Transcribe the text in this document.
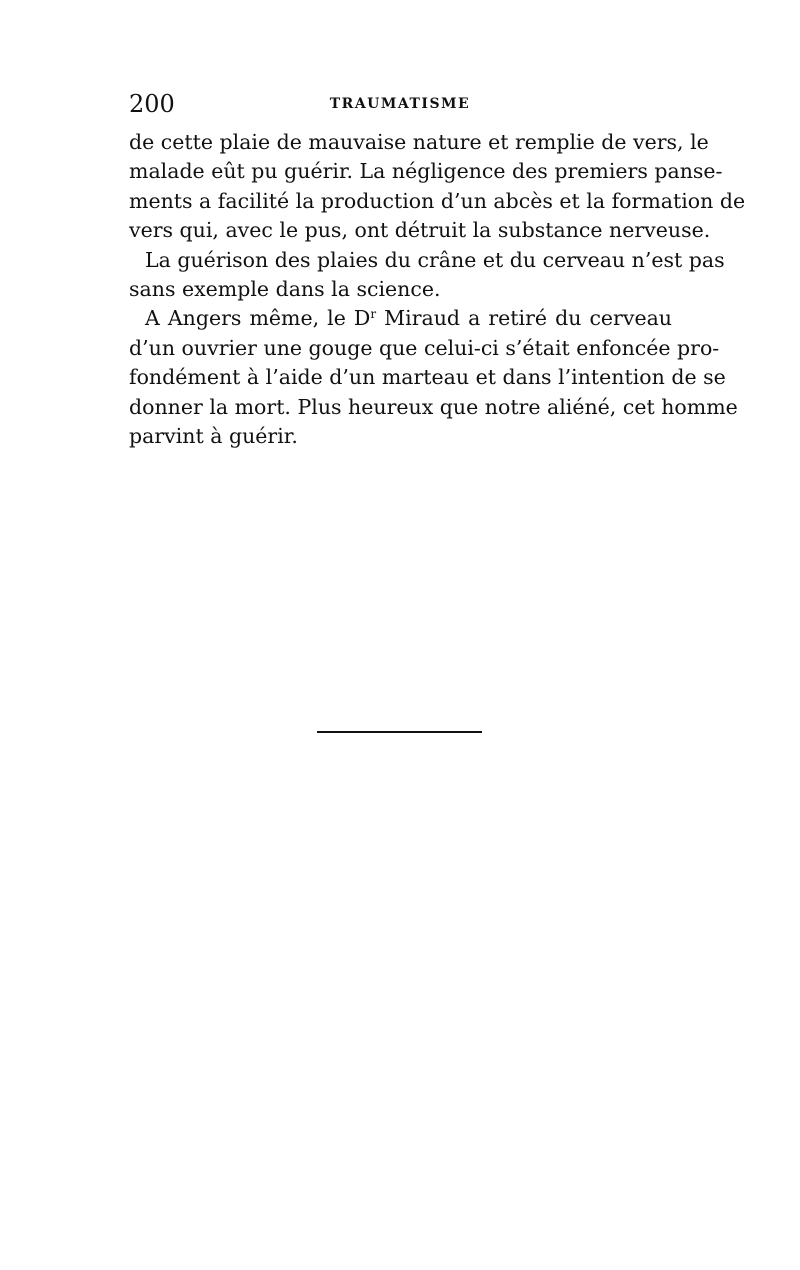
200	TRAUMATISME
de cette plaie de mauvaise nature et remplie de vers, le
malade eût pu guérir. La négligence des premiers panse-
ments a facilité la production d’un abcès et la formation de
vers qui, avec le pus, ont détruit la substance nerveuse.
La guérison des plaies du crâne et du cerveau n’est pas
sans exemple dans la science.
A Angers même, le $D^r$ Miraud a retiré du cerveau
d’un ouvrier une gouge que celui-ci s’était enfoncée pro-
fondément à l’aide d’un marteau et dans l’intention de se
donner la mort. Plus heureux que notre aliéné, cet homme
parvint à guérir.
